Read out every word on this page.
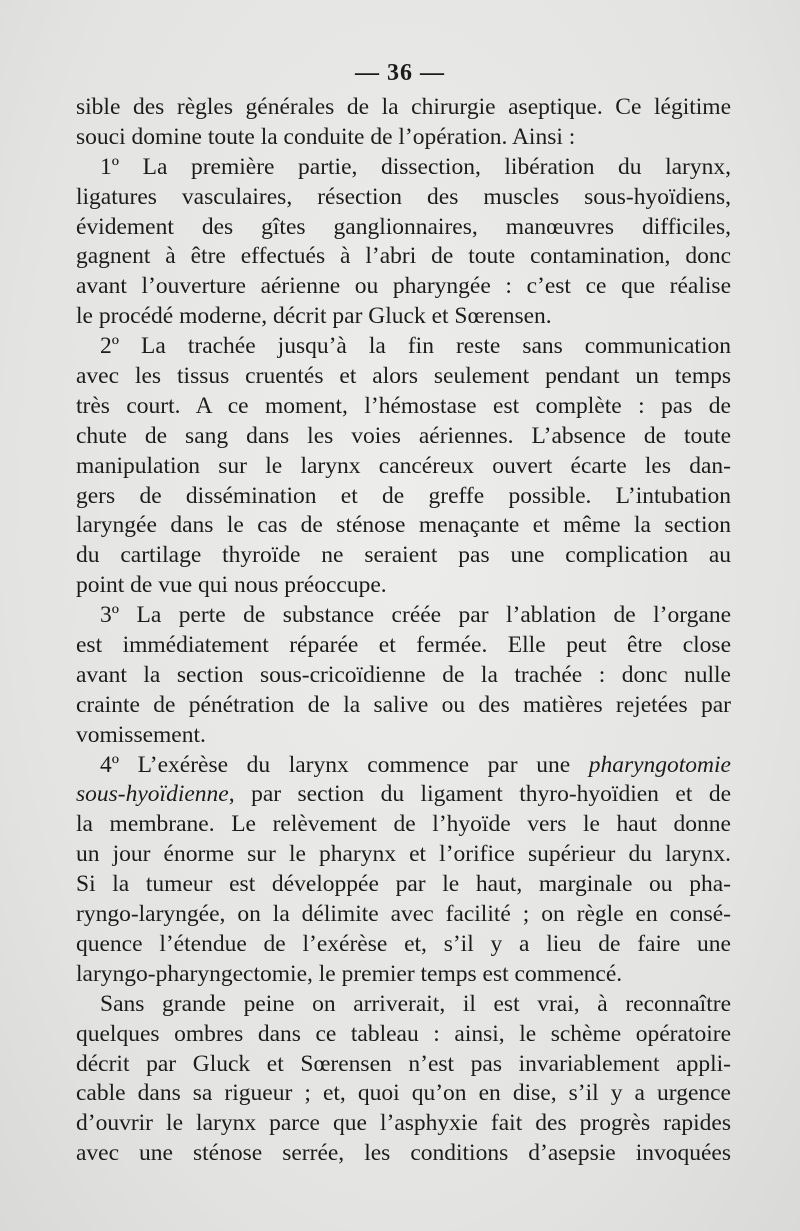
— 36 —
sible des règles générales de la chirurgie aseptique. Ce légitime
souci domine toute la conduite de l’opération. Ainsi :
1º La première partie, dissection, libération du larynx,
ligatures vasculaires, résection des muscles sous-hyoïdiens,
évidement des gîtes ganglionnaires, manœuvres difficiles,
gagnent à être effectués à l’abri de toute contamination, donc
avant l’ouverture aérienne ou pharyngée : c’est ce que réalise
le procédé moderne, décrit par Gluck et Sœrensen.
2º La trachée jusqu’à la fin reste sans communication
avec les tissus cruentés et alors seulement pendant un temps
très court. A ce moment, l’hémostase est complète : pas de
chute de sang dans les voies aériennes. L’absence de toute
manipulation sur le larynx cancéreux ouvert écarte les dan-
gers de dissémination et de greffe possible. L’intubation
laryngée dans le cas de sténose menaçante et même la section
du cartilage thyroïde ne seraient pas une complication au
point de vue qui nous préoccupe.
3º La perte de substance créée par l’ablation de l’organe
est immédiatement réparée et fermée. Elle peut être close
avant la section sous-cricoïdienne de la trachée : donc nulle
crainte de pénétration de la salive ou des matières rejetées par
vomissement.
4º L’exérèse du larynx commence par une pharyngotomie
sous-hyoïdienne, par section du ligament thyro-hyoïdien et de
la membrane. Le relèvement de l’hyoïde vers le haut donne
un jour énorme sur le pharynx et l’orifice supérieur du larynx.
Si la tumeur est développée par le haut, marginale ou pha-
ryngo-laryngée, on la délimite avec facilité ; on règle en consé-
quence l’étendue de l’exérèse et, s’il y a lieu de faire une
laryngo-pharyngectomie, le premier temps est commencé.
Sans grande peine on arriverait, il est vrai, à reconnaître
quelques ombres dans ce tableau : ainsi, le schème opératoire
décrit par Gluck et Sœrensen n’est pas invariablement appli-
cable dans sa rigueur ; et, quoi qu’on en dise, s’il y a urgence
d’ouvrir le larynx parce que l’asphyxie fait des progrès rapides
avec une sténose serrée, les conditions d’asepsie invoquées
